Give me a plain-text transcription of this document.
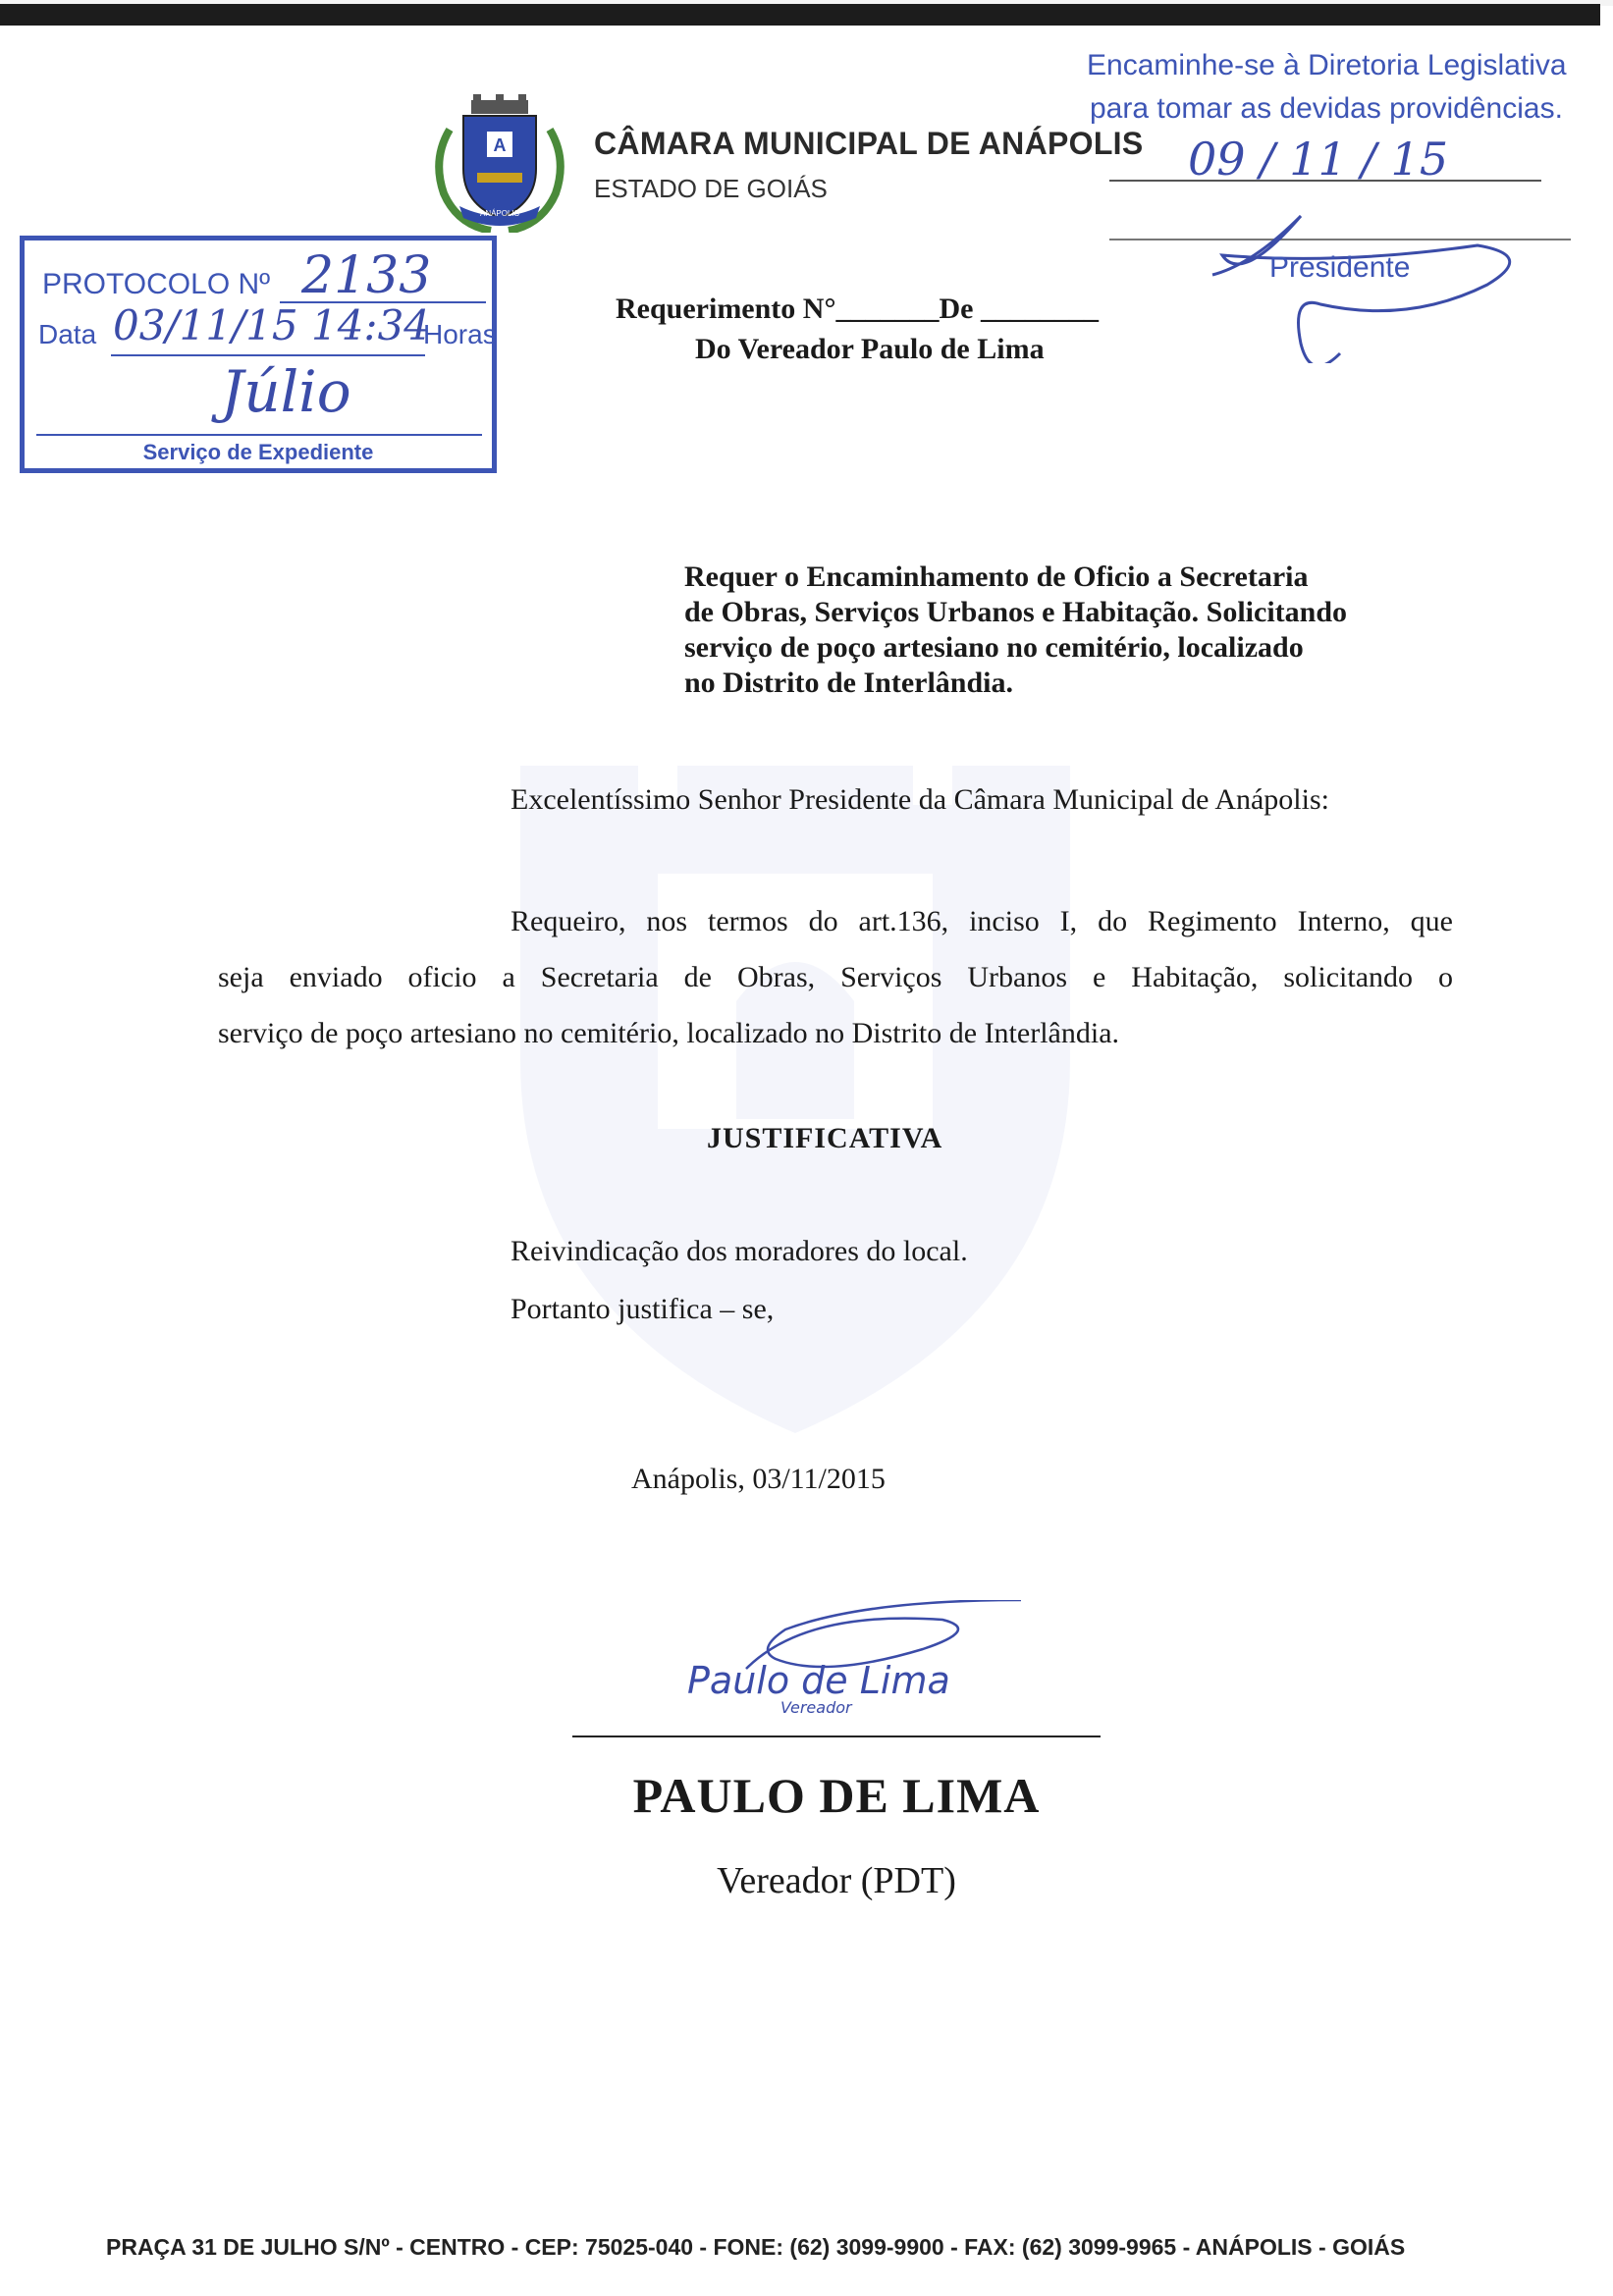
A
ANÁPOLIS
CÂMARA MUNICIPAL DE ANÁPOLIS
ESTADO DE GOIÁS
Encaminhe-se à Diretoria Legislativa
para tomar as devidas providências.
09 / 11 / 15
Presidente
PROTOCOLO Nº 2133
Data 03/11/15 14:34
Horas
Júlio
Serviço de Expediente
Requerimento N°_______De ________
Do Vereador Paulo de Lima
Requer o Encaminhamento de Oficio a Secretaria
de Obras, Serviços Urbanos e Habitação. Solicitando
serviço de poço artesiano no cemitério, localizado
no Distrito de Interlândia.
Excelentíssimo Senhor Presidente da Câmara Municipal de Anápolis:
Requeiro, nos termos do art.136, inciso I, do Regimento Interno, que
seja enviado oficio a Secretaria de Obras, Serviços Urbanos e Habitação, solicitando o
serviço de poço artesiano no cemitério, localizado no Distrito de Interlândia.
JUSTIFICATIVA
Reivindicação dos moradores do local.
Portanto justifica – se,
Anápolis, 03/11/2015
Paulo de Lima
Vereador
PAULO DE LIMA
Vereador (PDT)
PRAÇA 31 DE JULHO S/Nº - CENTRO - CEP: 75025-040 - FONE: (62) 3099-9900 - FAX: (62) 3099-9965 - ANÁPOLIS - GOIÁS
